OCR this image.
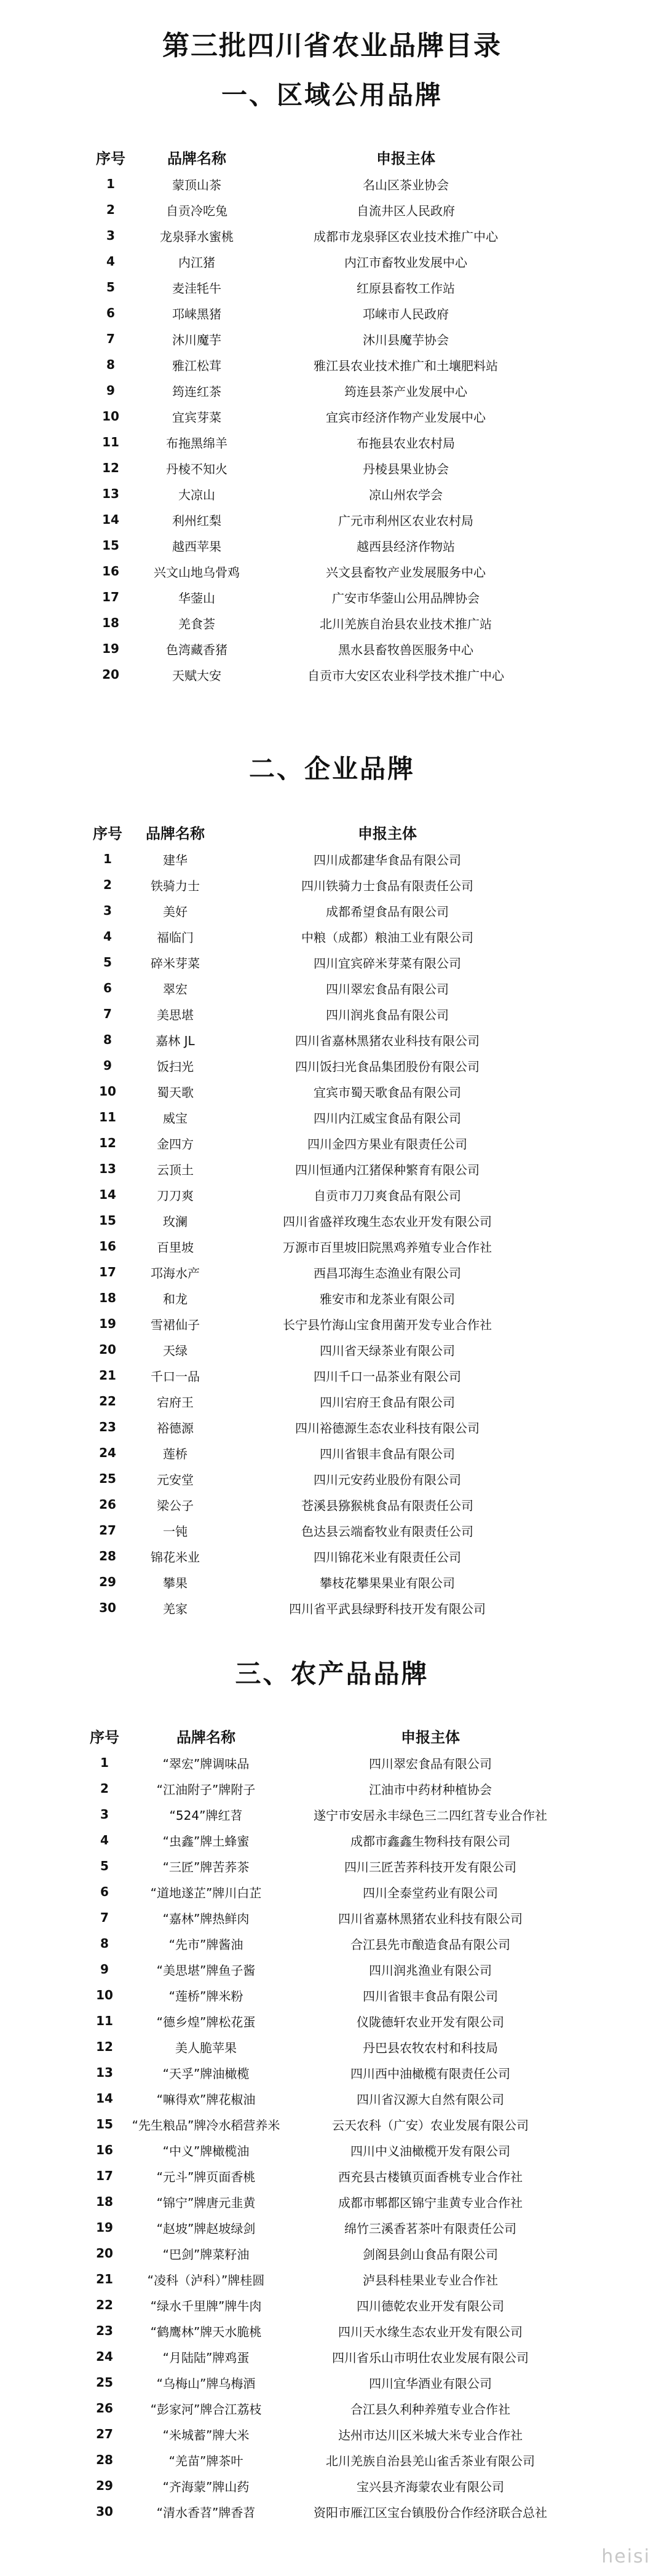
第三批四川省农业品牌目录
一、区域公用品牌
序号	品牌名称	申报主体
1	蒙顶山茶	名山区茶业协会
2	自贡冷吃兔	自流井区人民政府
3	龙泉驿水蜜桃	成都市龙泉驿区农业技术推广中心
4	内江猪	内江市畜牧业发展中心
5	麦洼牦牛	红原县畜牧工作站
6	邛崃黑猪	邛崃市人民政府
7	沐川魔芋	沐川县魔芋协会
8	雅江松茸	雅江县农业技术推广和土壤肥料站
9	筠连红茶	筠连县茶产业发展中心
10	宜宾芽菜	宜宾市经济作物产业发展中心
11	布拖黑绵羊	布拖县农业农村局
12	丹棱不知火	丹棱县果业协会
13	大凉山	凉山州农学会
14	利州红梨	广元市利州区农业农村局
15	越西苹果	越西县经济作物站
16	兴文山地乌骨鸡	兴文县畜牧产业发展服务中心
17	华蓥山	广安市华蓥山公用品牌协会
18	羌食荟	北川羌族自治县农业技术推广站
19	色湾藏香猪	黑水县畜牧兽医服务中心
20	天赋大安	自贡市大安区农业科学技术推广中心
二、企业品牌
序号	品牌名称	申报主体
1	建华	四川成都建华食品有限公司
2	铁骑力士	四川铁骑力士食品有限责任公司
3	美好	成都希望食品有限公司
4	福临门	中粮（成都）粮油工业有限公司
5	碎米芽菜	四川宜宾碎米芽菜有限公司
6	翠宏	四川翠宏食品有限公司
7	美思堪	四川润兆食品有限公司
8	嘉林 JL	四川省嘉林黑猪农业科技有限公司
9	饭扫光	四川饭扫光食品集团股份有限公司
10	蜀天歌	宜宾市蜀天歌食品有限公司
11	威宝	四川内江威宝食品有限公司
12	金四方	四川金四方果业有限责任公司
13	云顶土	四川恒通内江猪保种繁育有限公司
14	刀刀爽	自贡市刀刀爽食品有限公司
15	玫澜	四川省盛祥玫瑰生态农业开发有限公司
16	百里坡	万源市百里坡旧院黑鸡养殖专业合作社
17	邛海水产	西昌邛海生态渔业有限公司
18	和龙	雅安市和龙茶业有限公司
19	雪裙仙子	长宁县竹海山宝食用菌开发专业合作社
20	天绿	四川省天绿茶业有限公司
21	千口一品	四川千口一品茶业有限公司
22	宕府王	四川宕府王食品有限公司
23	裕德源	四川裕德源生态农业科技有限公司
24	莲桥	四川省银丰食品有限公司
25	元安堂	四川元安药业股份有限公司
26	梁公子	苍溪县猕猴桃食品有限责任公司
27	一钝	色达县云端畜牧业有限责任公司
28	锦花米业	四川锦花米业有限责任公司
29	攀果	攀枝花攀果果业有限公司
30	羌家	四川省平武县绿野科技开发有限公司
三、农产品品牌
序号	品牌名称	申报主体
1	“翠宏”牌调味品	四川翠宏食品有限公司
2	“江油附子”牌附子	江油市中药材种植协会
3	“524”牌红苕	遂宁市安居永丰绿色三二四红苕专业合作社
4	“虫鑫”牌土蜂蜜	成都市鑫鑫生物科技有限公司
5	“三匠”牌苦荞茶	四川三匠苦荞科技开发有限公司
6	“道地遂芷”牌川白芷	四川全泰堂药业有限公司
7	“嘉林”牌热鲜肉	四川省嘉林黑猪农业科技有限公司
8	“先市”牌酱油	合江县先市酿造食品有限公司
9	“美思堪”牌鱼子酱	四川润兆渔业有限公司
10	“莲桥”牌米粉	四川省银丰食品有限公司
11	“德乡煌”牌松花蛋	仪陇德轩农业开发有限公司
12	美人脆苹果	丹巴县农牧农村和科技局
13	“天孚”牌油橄榄	四川西中油橄榄有限责任公司
14	“嘛得欢”牌花椒油	四川省汉源大自然有限公司
15	“先生粮品”牌冷水稻营养米	云天农科（广安）农业发展有限公司
16	“中义”牌橄榄油	四川中义油橄榄开发有限公司
17	“元斗”牌页面香桃	西充县古楼镇页面香桃专业合作社
18	“锦宁”牌唐元韭黄	成都市郫都区锦宁韭黄专业合作社
19	“赵坡”牌赵坡绿剑	绵竹三溪香茗茶叶有限责任公司
20	“巴剑”牌菜籽油	剑阁县剑山食品有限公司
21	“凌科（泸科）”牌桂圆	泸县科桂果业专业合作社
22	“绿水千里牌”牌牛肉	四川德乾农业开发有限公司
23	“鹤鹰林”牌天水脆桃	四川天水缘生态农业开发有限公司
24	“月陆陆”牌鸡蛋	四川省乐山市明仕农业发展有限公司
25	“乌梅山”牌乌梅酒	四川宜华酒业有限公司
26	“彭家河”牌合江荔枝	合江县久利种养殖专业合作社
27	“米城蓄”牌大米	达州市达川区米城大米专业合作社
28	“羌苗”牌茶叶	北川羌族自治县羌山雀舌茶业有限公司
29	“齐海蒙”牌山药	宝兴县齐海蒙农业有限公司
30	“清水香苕”牌香苕	资阳市雁江区宝台镇股份合作经济联合总社
heisi
